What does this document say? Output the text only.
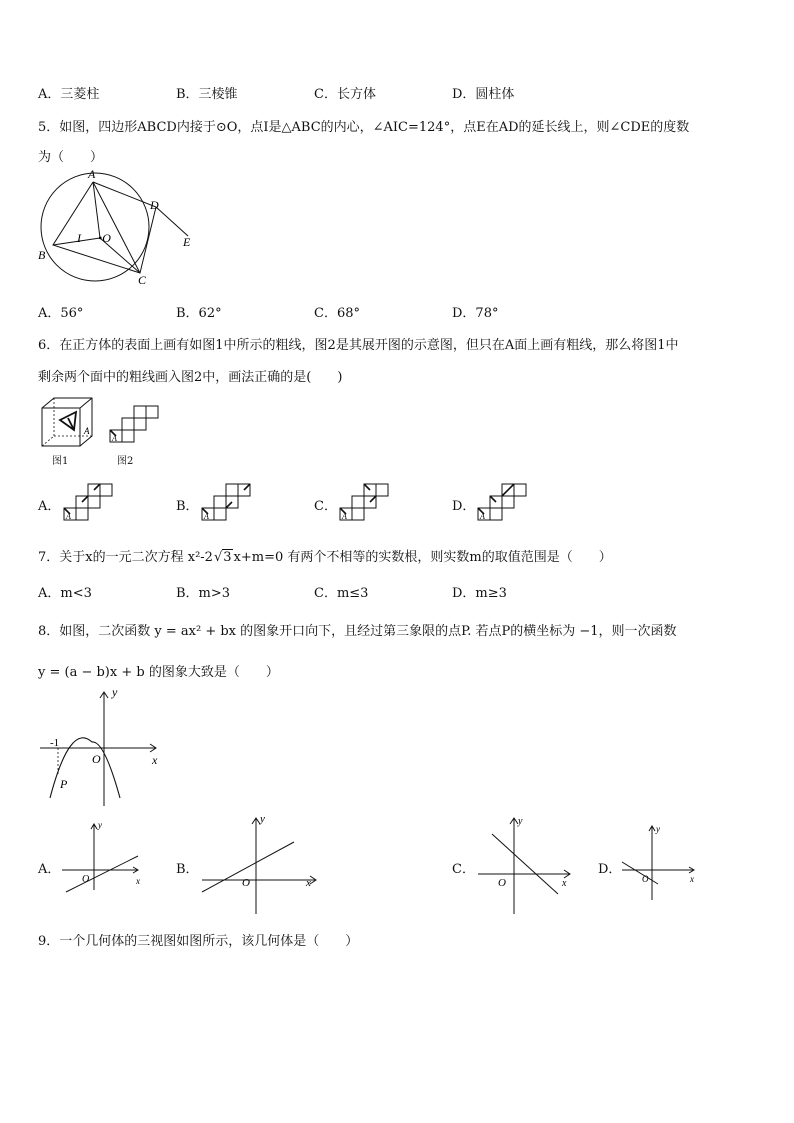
A．三菱柱	B．三棱锥	C．长方体	D．圆柱体
5．如图，四边形ABCD内接于⊙O，点I是△ABC的内心，∠AIC=124°，点E在AD的延长线上，则∠CDE的度数
为（　　）
A
B
C
D
E
I •O
A．56°	B．62°	C．68°	D．78°
6．在正方体的表面上画有如图1中所示的粗线，图2是其展开图的示意图，但只在A面上画有粗线，那么将图1中
剩余两个面中的粗线画入图2中，画法正确的是(　　)
A
图1
A
图2
A．
A
B．
A
C．
A
D．
A
7．关于x的一元二次方程 x²-2√3 x+m=0 有两个不相等的实数根，则实数m的取值范围是（　　）
A．m<3	B．m>3	C．m≤3	D．m≥3
8．如图，二次函数 y = ax² + bx 的图象开口向下，且经过第三象限的点P. 若点P的横坐标为 −1，则一次函数
y = (a − b)x + b 的图象大致是（　　）
y
x
O
P
-1
A．
y
x
O
B．
y
x
O
C．
y
x
O
D．
y
x
O
9．一个几何体的三视图如图所示，该几何体是（　　）
